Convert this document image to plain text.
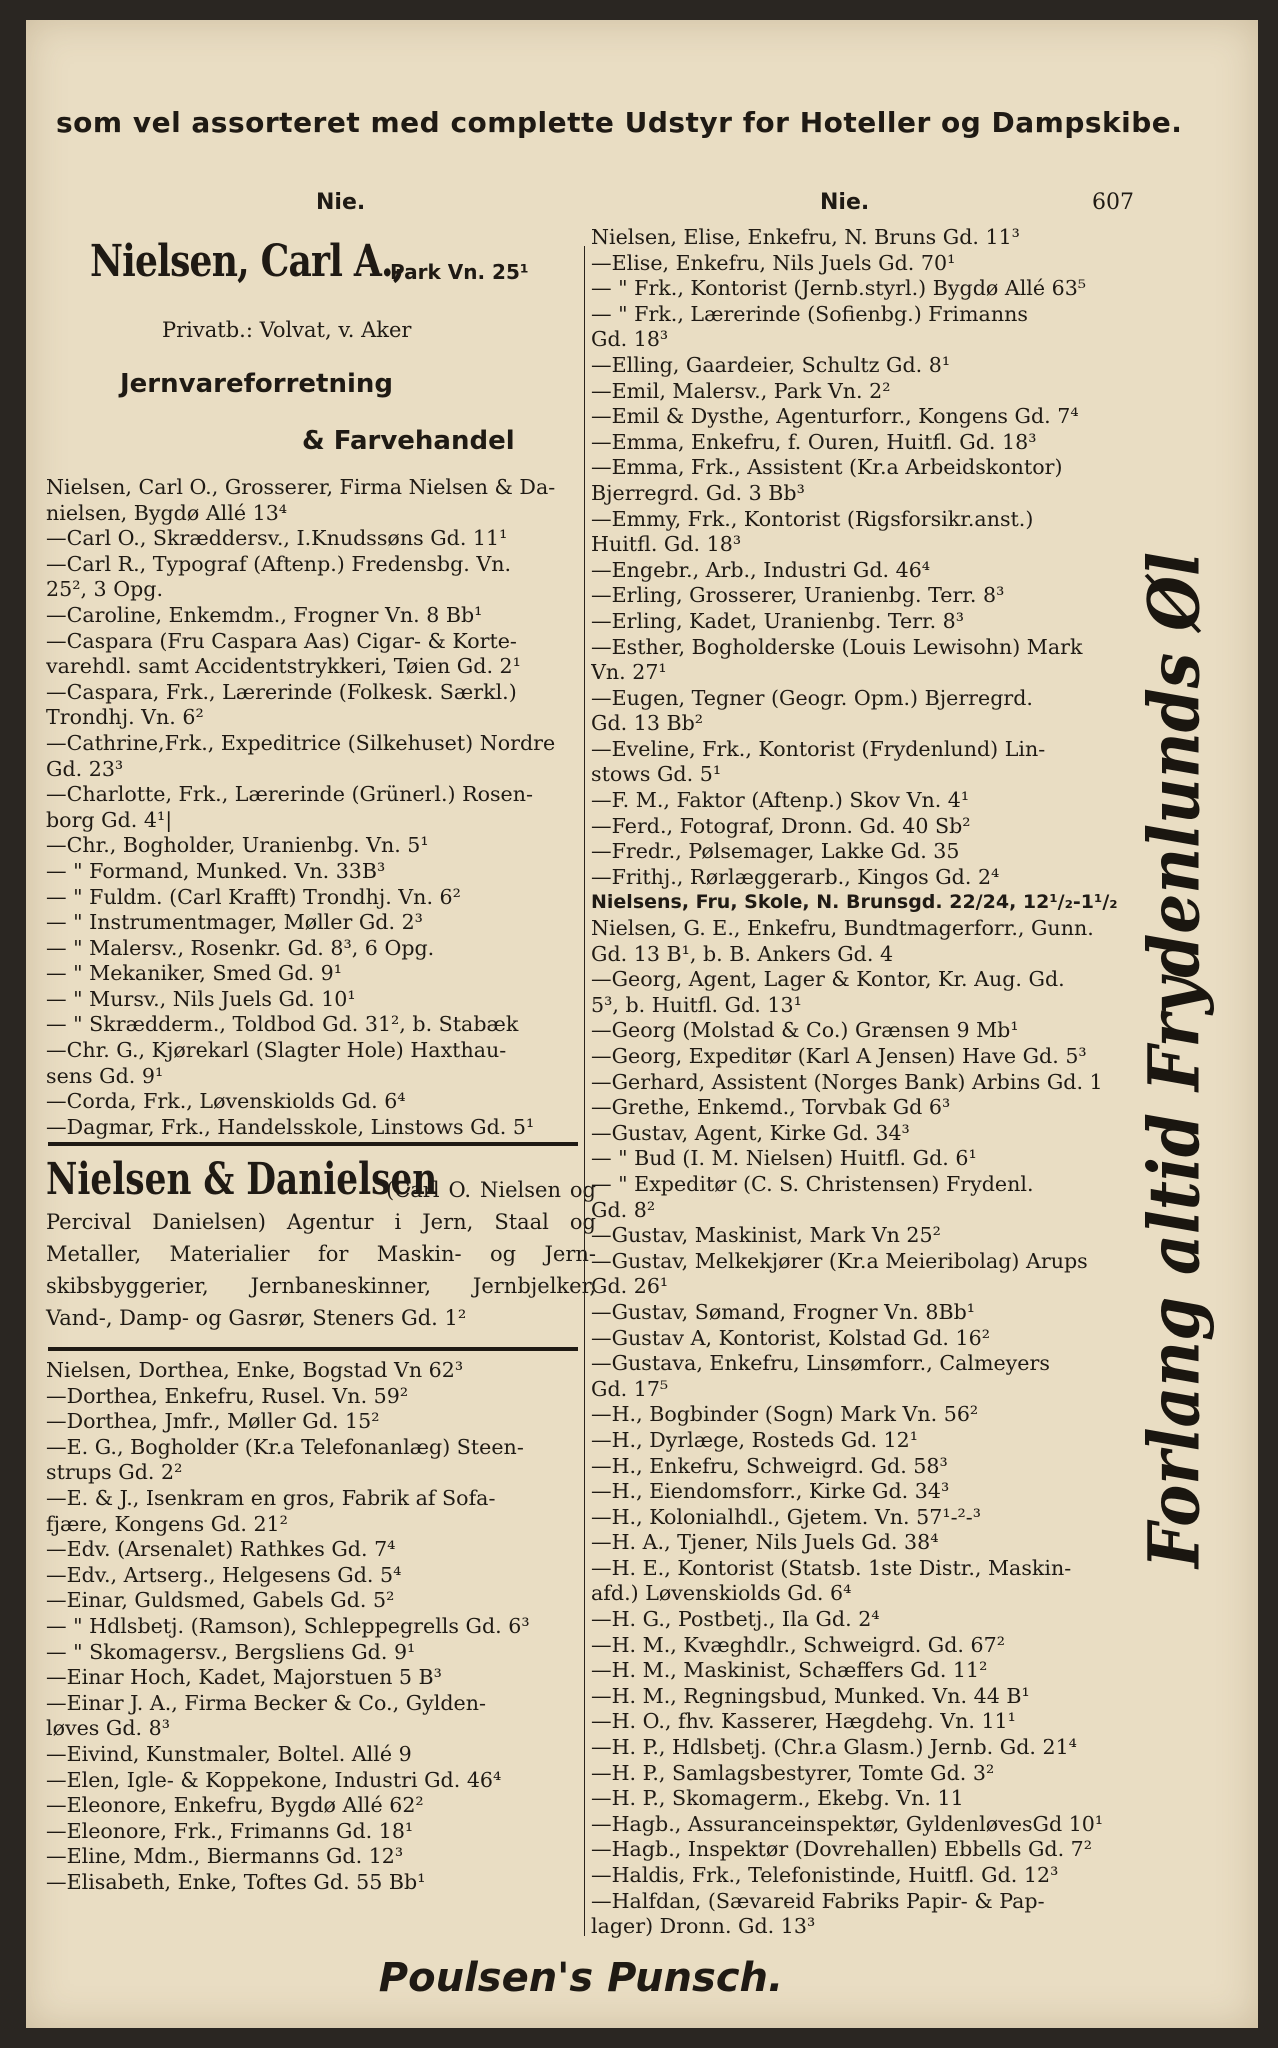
som vel assorteret med complette Udstyr for Hoteller og Dampskibe.
Nie.	Nie.	607
Nielsen, Carl A.,
Park Vn. 25¹
Privatb.: Volvat, v. Aker
Jernvareforretning
& Farvehandel
Nielsen, Carl O., Grosserer, Firma Nielsen & Da-
nielsen, Bygdø Allé 13⁴
—Carl O., Skræddersv., I.Knudssøns Gd. 11¹
—Carl R., Typograf (Aftenp.) Fredensbg. Vn.
25², 3 Opg.
—Caroline, Enkemdm., Frogner Vn. 8 Bb¹
—Caspara (Fru Caspara Aas) Cigar- & Korte-
varehdl. samt Accidentstrykkeri, Tøien Gd. 2¹
—Caspara, Frk., Lærerinde (Folkesk. Særkl.)
Trondhj. Vn. 6²
—Cathrine,Frk., Expeditrice (Silkehuset) Nordre
Gd. 23³
—Charlotte, Frk., Lærerinde (Grünerl.) Rosen-
borg Gd. 4¹|
—Chr., Bogholder, Uranienbg. Vn. 5¹
— " Formand, Munked. Vn. 33B³
— " Fuldm. (Carl Krafft) Trondhj. Vn. 6²
— " Instrumentmager, Møller Gd. 2³
— " Malersv., Rosenkr. Gd. 8³, 6 Opg.
— " Mekaniker, Smed Gd. 9¹
— " Mursv., Nils Juels Gd. 10¹
— " Skrædderm., Toldbod Gd. 31², b. Stabæk
—Chr. G., Kjørekarl (Slagter Hole) Haxthau-
sens Gd. 9¹
—Corda, Frk., Løvenskiolds Gd. 6⁴
—Dagmar, Frk., Handelsskole, Linstows Gd. 5¹
Nielsen & Danielsen
(Carl O. Nielsen og Percival Danielsen) Agentur i Jern, Staal og Metaller, Materialier for Maskin- og Jern-skibsbyggerier, Jernbaneskinner, Jernbjelker, Vand-, Damp- og Gasrør, Steners Gd. 1²
Nielsen, Dorthea, Enke, Bogstad Vn 62³
—Dorthea, Enkefru, Rusel. Vn. 59²
—Dorthea, Jmfr., Møller Gd. 15²
—E. G., Bogholder (Kr.a Telefonanlæg) Steen-
strups Gd. 2²
—E. & J., Isenkram en gros, Fabrik af Sofa-
fjære, Kongens Gd. 21²
—Edv. (Arsenalet) Rathkes Gd. 7⁴
—Edv., Artserg., Helgesens Gd. 5⁴
—Einar, Guldsmed, Gabels Gd. 5²
— " Hdlsbetj. (Ramson), Schleppegrells Gd. 6³
— " Skomagersv., Bergsliens Gd. 9¹
—Einar Hoch, Kadet, Majorstuen 5 B³
—Einar J. A., Firma Becker & Co., Gylden-
løves Gd. 8³
—Eivind, Kunstmaler, Boltel. Allé 9
—Elen, Igle- & Koppekone, Industri Gd. 46⁴
—Eleonore, Enkefru, Bygdø Allé 62²
—Eleonore, Frk., Frimanns Gd. 18¹
—Eline, Mdm., Biermanns Gd. 12³
—Elisabeth, Enke, Toftes Gd. 55 Bb¹
Nielsen, Elise, Enkefru, N. Bruns Gd. 11³
—Elise, Enkefru, Nils Juels Gd. 70¹
— " Frk., Kontorist (Jernb.styrl.) Bygdø Allé 63⁵
— " Frk., Lærerinde (Sofienbg.) Frimanns
Gd. 18³
—Elling, Gaardeier, Schultz Gd. 8¹
—Emil, Malersv., Park Vn. 2²
—Emil & Dysthe, Agenturforr., Kongens Gd. 7⁴
—Emma, Enkefru, f. Ouren, Huitfl. Gd. 18³
—Emma, Frk., Assistent (Kr.a Arbeidskontor)
Bjerregrd. Gd. 3 Bb³
—Emmy, Frk., Kontorist (Rigsforsikr.anst.)
Huitfl. Gd. 18³
—Engebr., Arb., Industri Gd. 46⁴
—Erling, Grosserer, Uranienbg. Terr. 8³
—Erling, Kadet, Uranienbg. Terr. 8³
—Esther, Bogholderske (Louis Lewisohn) Mark
Vn. 27¹
—Eugen, Tegner (Geogr. Opm.) Bjerregrd.
Gd. 13 Bb²
—Eveline, Frk., Kontorist (Frydenlund) Lin-
stows Gd. 5¹
—F. M., Faktor (Aftenp.) Skov Vn. 4¹
—Ferd., Fotograf, Dronn. Gd. 40 Sb²
—Fredr., Pølsemager, Lakke Gd. 35
—Frithj., Rørlæggerarb., Kingos Gd. 2⁴
Nielsens, Fru, Skole, N. Brunsgd. 22/24, 12¹/₂-1¹/₂
Nielsen, G. E., Enkefru, Bundtmagerforr., Gunn.
Gd. 13 B¹, b. B. Ankers Gd. 4
—Georg, Agent, Lager & Kontor, Kr. Aug. Gd.
5³, b. Huitfl. Gd. 13¹
—Georg (Molstad & Co.) Grænsen 9 Mb¹
—Georg, Expeditør (Karl A Jensen) Have Gd. 5³
—Gerhard, Assistent (Norges Bank) Arbins Gd. 1
—Grethe, Enkemd., Torvbak Gd 6³
—Gustav, Agent, Kirke Gd. 34³
— " Bud (I. M. Nielsen) Huitfl. Gd. 6¹
— " Expeditør (C. S. Christensen) Frydenl.
Gd. 8²
—Gustav, Maskinist, Mark Vn 25²
—Gustav, Melkekjører (Kr.a Meieribolag) Arups
Gd. 26¹
—Gustav, Sømand, Frogner Vn. 8Bb¹
—Gustav A, Kontorist, Kolstad Gd. 16²
—Gustava, Enkefru, Linsømforr., Calmeyers
Gd. 17⁵
—H., Bogbinder (Sogn) Mark Vn. 56²
—H., Dyrlæge, Rosteds Gd. 12¹
—H., Enkefru, Schweigrd. Gd. 58³
—H., Eiendomsforr., Kirke Gd. 34³
—H., Kolonialhdl., Gjetem. Vn. 57¹-²-³
—H. A., Tjener, Nils Juels Gd. 38⁴
—H. E., Kontorist (Statsb. 1ste Distr., Maskin-
afd.) Løvenskiolds Gd. 6⁴
—H. G., Postbetj., Ila Gd. 2⁴
—H. M., Kvæghdlr., Schweigrd. Gd. 67²
—H. M., Maskinist, Schæffers Gd. 11²
—H. M., Regningsbud, Munked. Vn. 44 B¹
—H. O., fhv. Kasserer, Hægdehg. Vn. 11¹
—H. P., Hdlsbetj. (Chr.a Glasm.) Jernb. Gd. 21⁴
—H. P., Samlagsbestyrer, Tomte Gd. 3²
—H. P., Skomagerm., Ekebg. Vn. 11
—Hagb., Assuranceinspektør, GyldenløvesGd 10¹
—Hagb., Inspektør (Dovrehallen) Ebbells Gd. 7²
—Haldis, Frk., Telefonistinde, Huitfl. Gd. 12³
—Halfdan, (Sævareid Fabriks Papir- & Pap-
lager) Dronn. Gd. 13³
Forlang altid Frydenlunds Øl
Poulsen's Punsch.
